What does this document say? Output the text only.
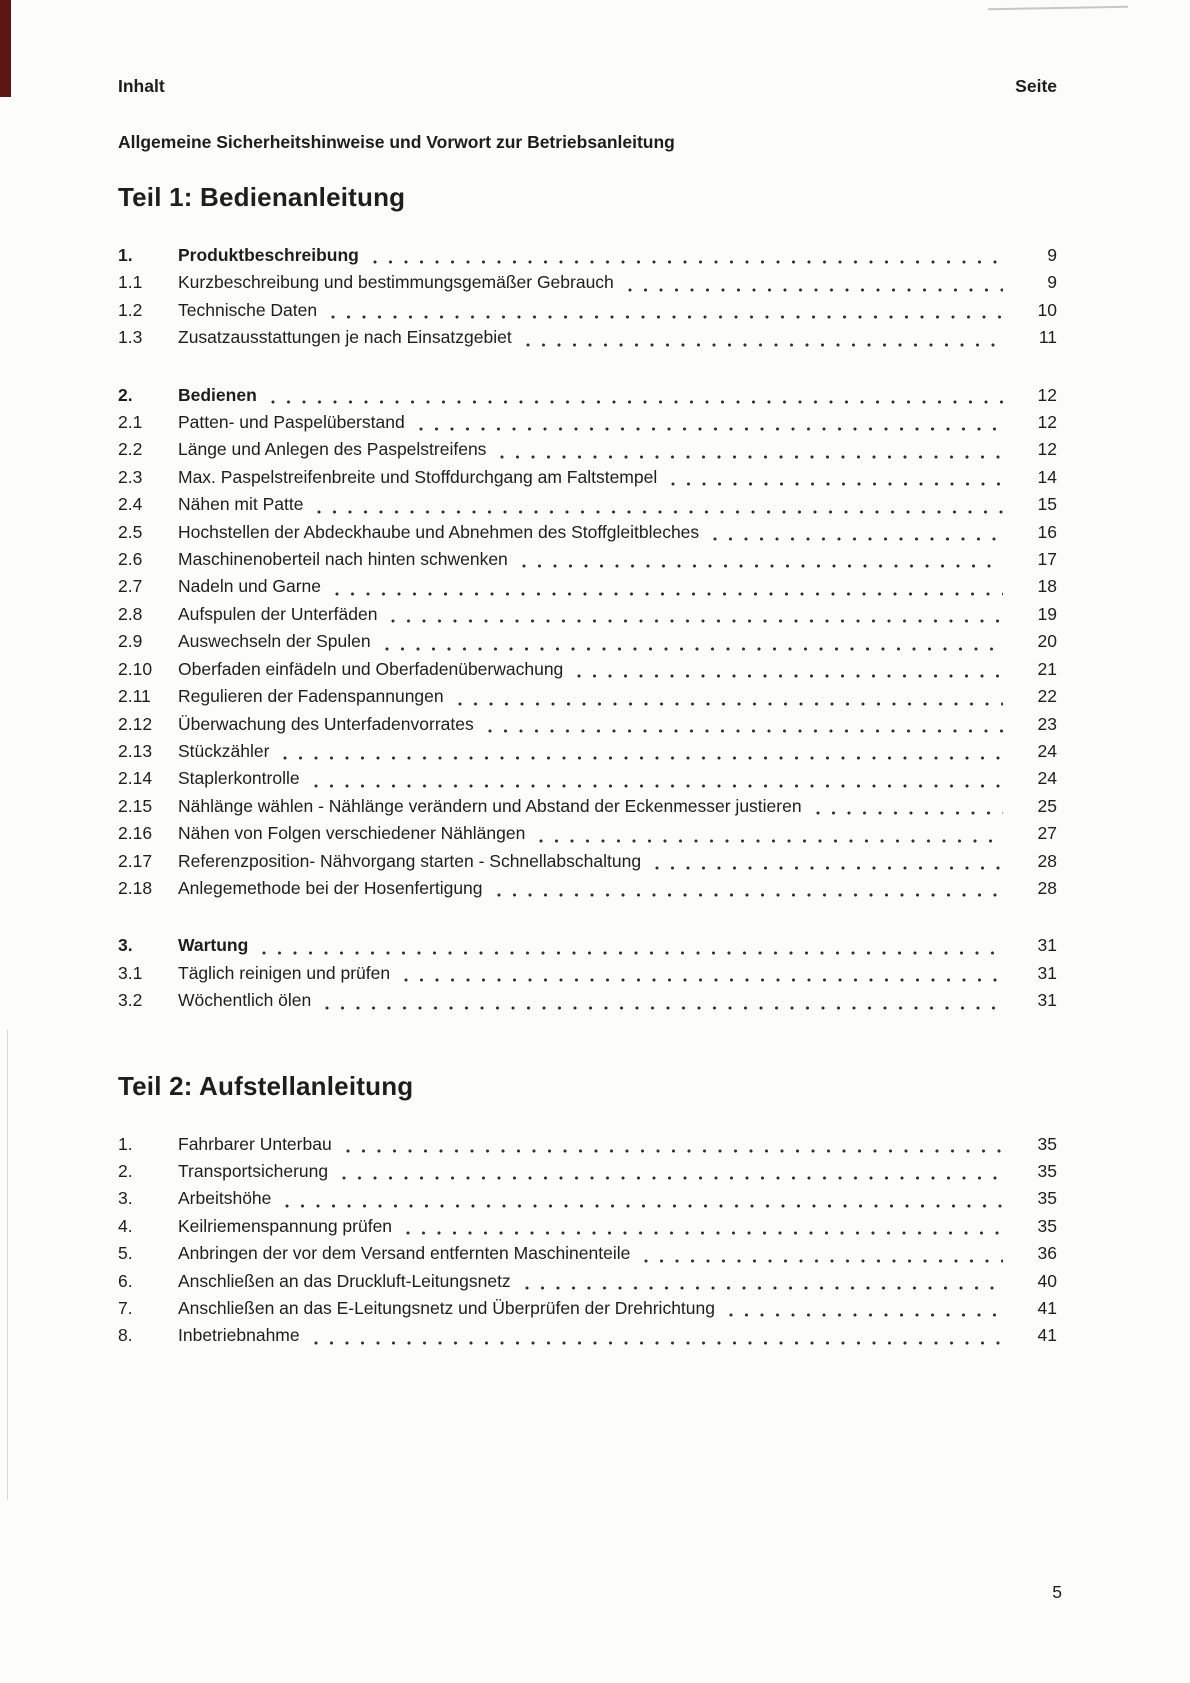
Inhalt	Seite
Allgemeine Sicherheitshinweise und Vorwort zur Betriebsanleitung
Teil 1: Bedienanleitung
1.	Produktbeschreibung	9
1.1	Kurzbeschreibung und bestimmungsgemäßer Gebrauch	9
1.2	Technische Daten	10
1.3	Zusatzausstattungen je nach Einsatzgebiet	11
2.	Bedienen	12
2.1	Patten- und Paspelüberstand	12
2.2	Länge und Anlegen des Paspelstreifens	12
2.3	Max. Paspelstreifenbreite und Stoffdurchgang am Faltstempel	14
2.4	Nähen mit Patte	15
2.5	Hochstellen der Abdeckhaube und Abnehmen des Stoffgleitbleches	16
2.6	Maschinenoberteil nach hinten schwenken	17
2.7	Nadeln und Garne	18
2.8	Aufspulen der Unterfäden	19
2.9	Auswechseln der Spulen	20
2.10	Oberfaden einfädeln und Oberfadenüberwachung	21
2.11	Regulieren der Fadenspannungen	22
2.12	Überwachung des Unterfadenvorrates	23
2.13	Stückzähler	24
2.14	Staplerkontrolle	24
2.15	Nählänge wählen - Nählänge verändern und Abstand der Eckenmesser justieren	25
2.16	Nähen von Folgen verschiedener Nählängen	27
2.17	Referenzposition- Nähvorgang starten - Schnellabschaltung	28
2.18	Anlegemethode bei der Hosenfertigung	28
3.	Wartung	31
3.1	Täglich reinigen und prüfen	31
3.2	Wöchentlich ölen	31
Teil 2: Aufstellanleitung
1.	Fahrbarer Unterbau	35
2.	Transportsicherung	35
3.	Arbeitshöhe	35
4.	Keilriemenspannung prüfen	35
5.	Anbringen der vor dem Versand entfernten Maschinenteile	36
6.	Anschließen an das Druckluft-Leitungsnetz	40
7.	Anschließen an das E-Leitungsnetz und Überprüfen der Drehrichtung	41
8.	Inbetriebnahme	41
5
